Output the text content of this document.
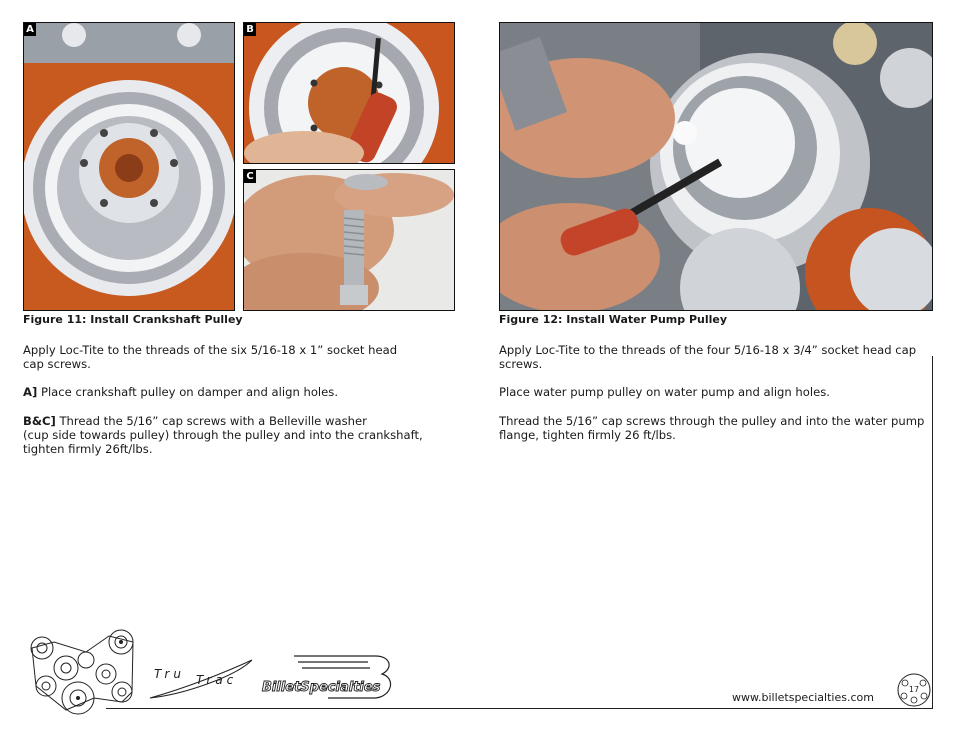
A	B
C
Figure 11: Install Crankshaft Pulley

Apply Loc-Tite to the threads of the six 5/16-18 x 1” socket head cap screws.

A] Place crankshaft pulley on damper and align holes.

B&C] Thread the 5/16” cap screws with a Belleville washer
(cup side towards pulley) through the pulley and into the crankshaft,
tighten firmly 26ft/lbs.

Figure 12: Install Water Pump Pulley

Apply Loc-Tite to the threads of the four 5/16-18 x 3/4” socket head cap screws.

Place water pump pulley on water pump and align holes.

Thread the 5/16” cap screws through the pulley and into the water pump flange, tighten firmly 26 ft/lbs.

Tru Trac BilletSpecialties
www.billetspecialties.com
17
